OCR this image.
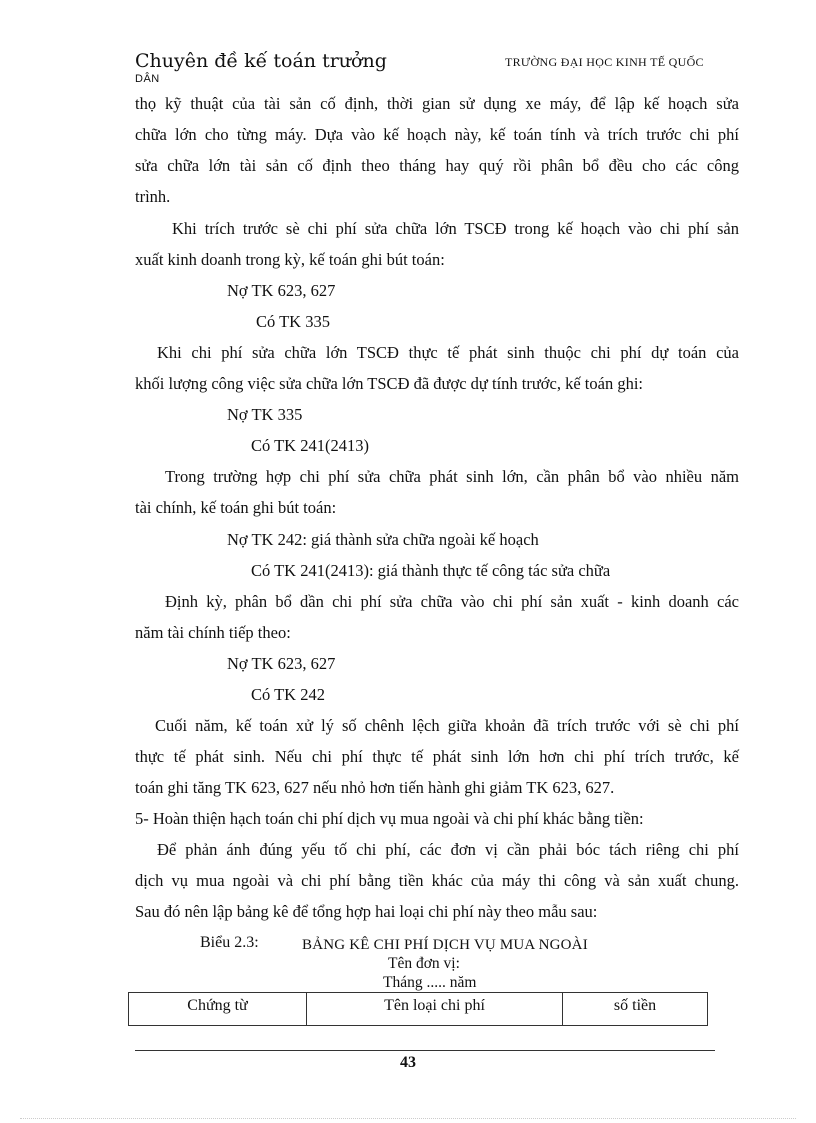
Chuyên đề kế toán trưởng	TRƯỜNG ĐẠI HỌC KINH TẾ QUỐC
DÂN
thọ kỹ thuật của tài sản cố định, thời gian sử dụng xe máy, để lập kế hoạch sửa
chữa lớn cho từng máy. Dựa vào kế hoạch này, kế toán tính và trích trước chi phí
sửa chữa lớn tài sản cố định theo tháng hay quý rồi phân bổ đều cho các công
trình.
Khi trích trước sè chi phí sửa chữa lớn TSCĐ trong kế hoạch vào chi phí sản
xuất kinh doanh trong kỳ, kế toán ghi bút toán:
Nợ TK 623, 627
Có TK 335
Khi chi phí sửa chữa lớn TSCĐ thực tế phát sinh thuộc chi phí dự toán của
khối lượng công việc sửa chữa lớn TSCĐ đã được dự tính trước, kế toán ghi:
Nợ TK 335
Có TK 241(2413)
Trong trường hợp chi phí sửa chữa phát sinh lớn, cần phân bổ vào nhiều năm
tài chính, kế toán ghi bút toán:
Nợ TK 242: giá thành sửa chữa ngoài kế hoạch
Có TK 241(2413): giá thành thực tế công tác sửa chữa
Định kỳ, phân bổ dần chi phí sửa chữa vào chi phí sản xuất - kinh doanh các
năm tài chính tiếp theo:
Nợ TK 623, 627
Có TK 242
Cuối năm, kế toán xử lý số chênh lệch giữa khoản đã trích trước với sè chi phí
thực tế phát sinh. Nếu chi phí thực tế phát sinh lớn hơn chi phí trích trước, kế
toán ghi tăng TK 623, 627 nếu nhỏ hơn tiến hành ghi giảm TK 623, 627.
5- Hoàn thiện hạch toán chi phí dịch vụ mua ngoài và chi phí khác bằng tiền:
Để phản ánh đúng yếu tố chi phí, các đơn vị cần phải bóc tách riêng chi phí
dịch vụ mua ngoài và chi phí bằng tiền khác của máy thi công và sản xuất chung.
Sau đó nên lập bảng kê để tổng hợp hai loại chi phí này theo mẫu sau:
Biểu 2.3:	BẢNG KÊ CHI PHÍ DỊCH VỤ MUA NGOÀI
Tên đơn vị:
Tháng ..... năm
Chứng từ	Tên loại chi phí	số tiền
43
